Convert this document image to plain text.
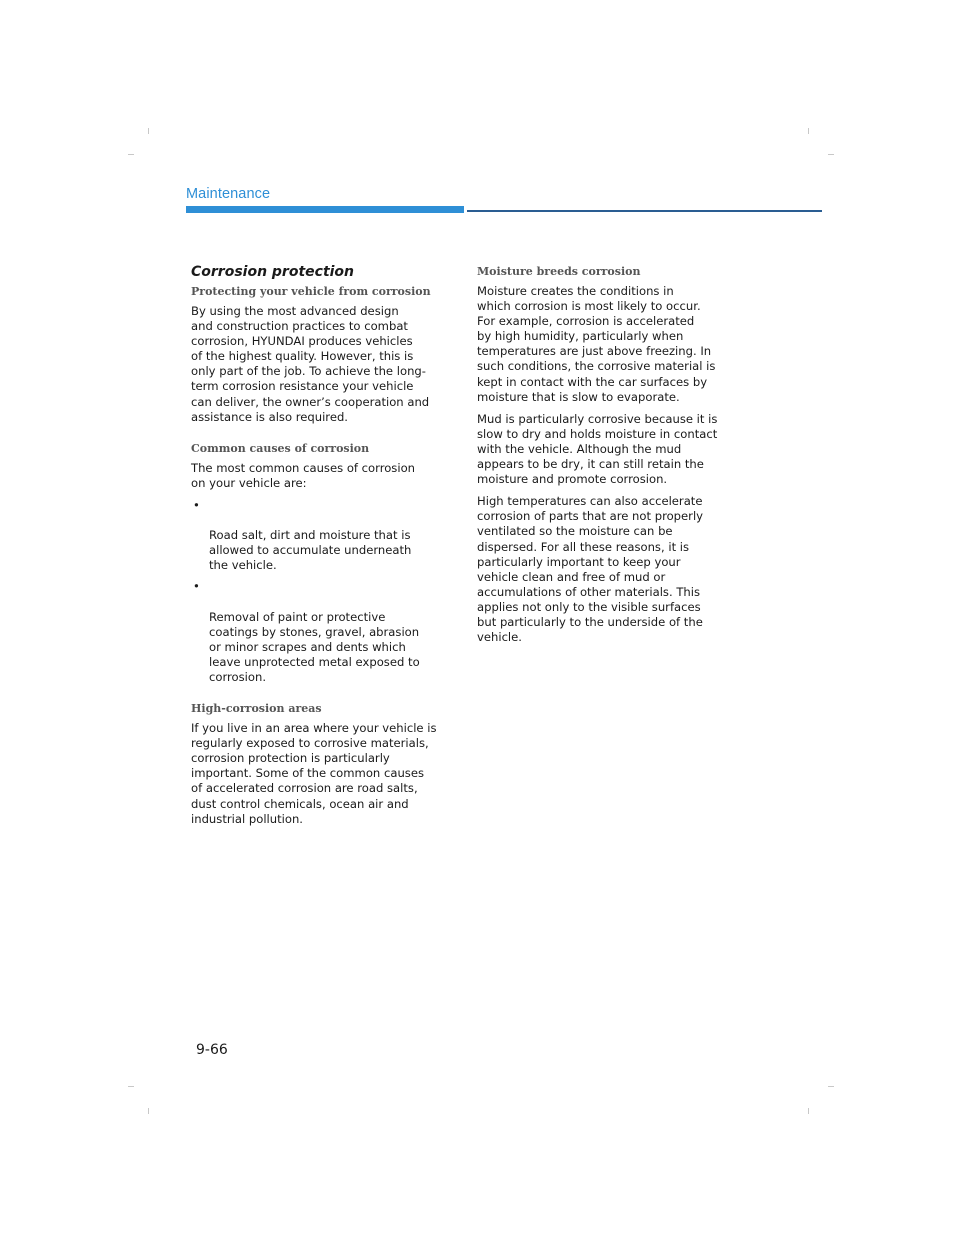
Maintenance

Corrosion protection
Protecting your vehicle from corrosion

By using the most advanced design
and construction practices to combat
corrosion, HYUNDAI produces vehicles
of the highest quality. However, this is
only part of the job. To achieve the long-
term corrosion resistance your vehicle
can deliver, the owner’s cooperation and
assistance is also required.

Common causes of corrosion

The most common causes of corrosion
on your vehicle are:

•

Road salt, dirt and moisture that is
allowed to accumulate underneath
the vehicle.

•

Removal of paint or protective
coatings by stones, gravel, abrasion
or minor scrapes and dents which
leave unprotected metal exposed to
corrosion.

High-corrosion areas

If you live in an area where your vehicle is
regularly exposed to corrosive materials,
corrosion protection is particularly
important. Some of the common causes
of accelerated corrosion are road salts,
dust control chemicals, ocean air and
industrial pollution.

Moisture breeds corrosion

Moisture creates the conditions in
which corrosion is most likely to occur.
For example, corrosion is accelerated
by high humidity, particularly when
temperatures are just above freezing. In
such conditions, the corrosive material is
kept in contact with the car surfaces by
moisture that is slow to evaporate.

Mud is particularly corrosive because it is
slow to dry and holds moisture in contact
with the vehicle. Although the mud
appears to be dry, it can still retain the
moisture and promote corrosion.

High temperatures can also accelerate
corrosion of parts that are not properly
ventilated so the moisture can be
dispersed. For all these reasons, it is
particularly important to keep your
vehicle clean and free of mud or
accumulations of other materials. This
applies not only to the visible surfaces
but particularly to the underside of the
vehicle.

9-66
